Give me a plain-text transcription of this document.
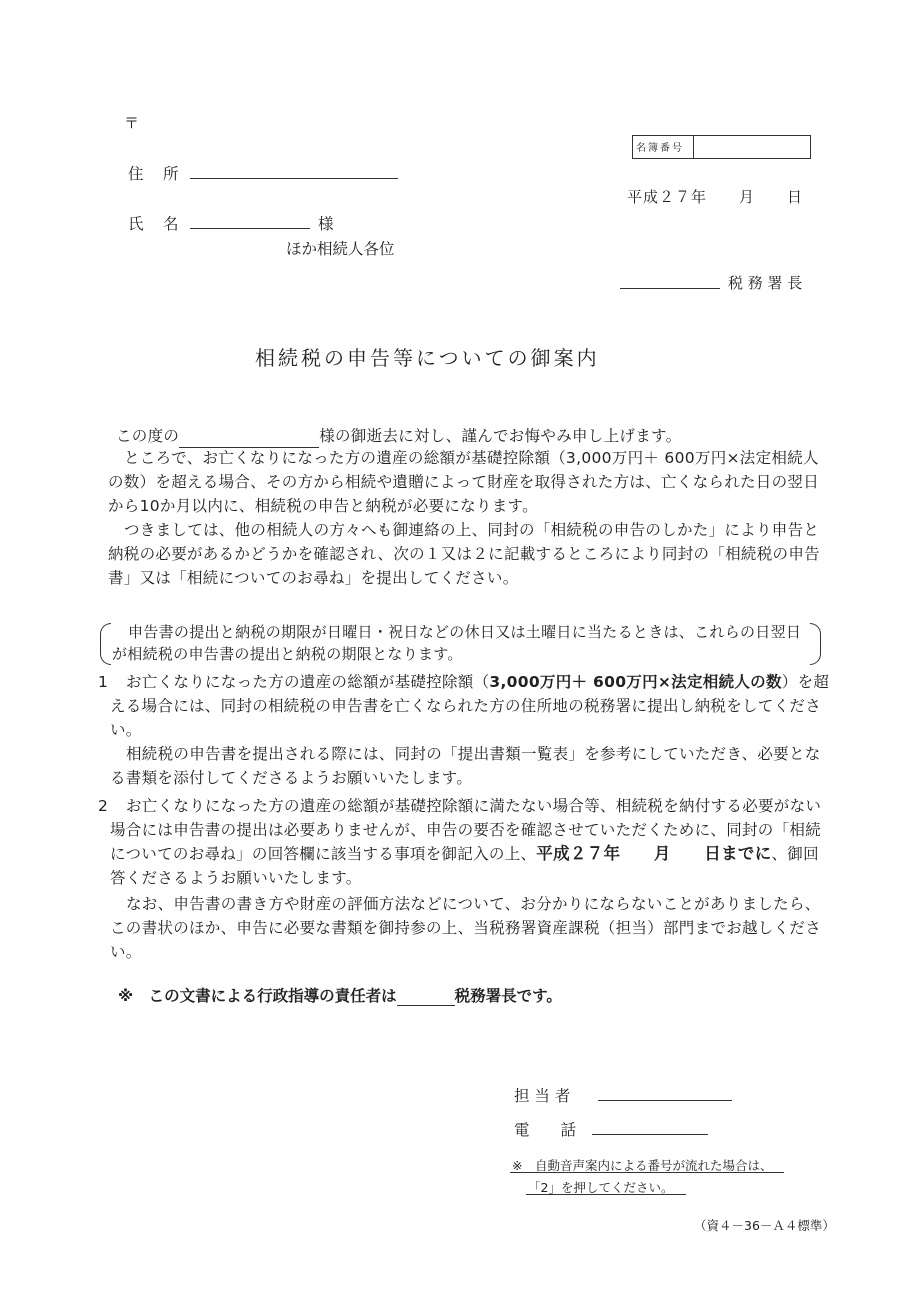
〒
住　所
氏　名	様
ほか相続人各位
名簿番号
平成２７年　　月　　日
税 務 署 長
相続税の申告等についての御案内
この度の	様の御逝去に対し、謹んでお悔やみ申し上げます。
ところで、お亡くなりになった方の遺産の総額が基礎控除額（3,000万円＋ 600万円×法定相続人の数）を超える場合、その方から相続や遺贈によって財産を取得された方は、亡くなられた日の翌日から10か月以内に、相続税の申告と納税が必要になります。
つきましては、他の相続人の方々へも御連絡の上、同封の「相続税の申告のしかた」により申告と納税の必要があるかどうかを確認され、次の１又は２に記載するところにより同封の「相続税の申告書」又は「相続についてのお尋ね」を提出してください。
申告書の提出と納税の期限が日曜日・祝日などの休日又は土曜日に当たるときは、これらの日翌日が相続税の申告書の提出と納税の期限となります。
1	お亡くなりになった方の遺産の総額が基礎控除額（3,000万円＋ 600万円×法定相続人の数）を超える場合には、同封の相続税の申告書を亡くなられた方の住所地の税務署に提出し納税をしてください。
相続税の申告書を提出される際には、同封の「提出書類一覧表」を参考にしていただき、必要となる書類を添付してくださるようお願いいたします。
2	お亡くなりになった方の遺産の総額が基礎控除額に満たない場合等、相続税を納付する必要がない場合には申告書の提出は必要ありませんが、申告の要否を確認させていただくために、同封の「相続についてのお尋ね」の回答欄に該当する事項を御記入の上、平成２７年　　月　　日までに、御回答くださるようお願いいたします。
なお、申告書の書き方や財産の評価方法などについて、お分かりにならないことがありましたら、この書状のほか、申告に必要な書類を御持参の上、当税務署資産課税（担当）部門までお越しください。
※　この文書による行政指導の責任者は	税務署長です。
担 当 者
電　　話
※　自動音声案内による番号が流れた場合は、
「2」を押してください。
（資４－36－Ａ４標準）
